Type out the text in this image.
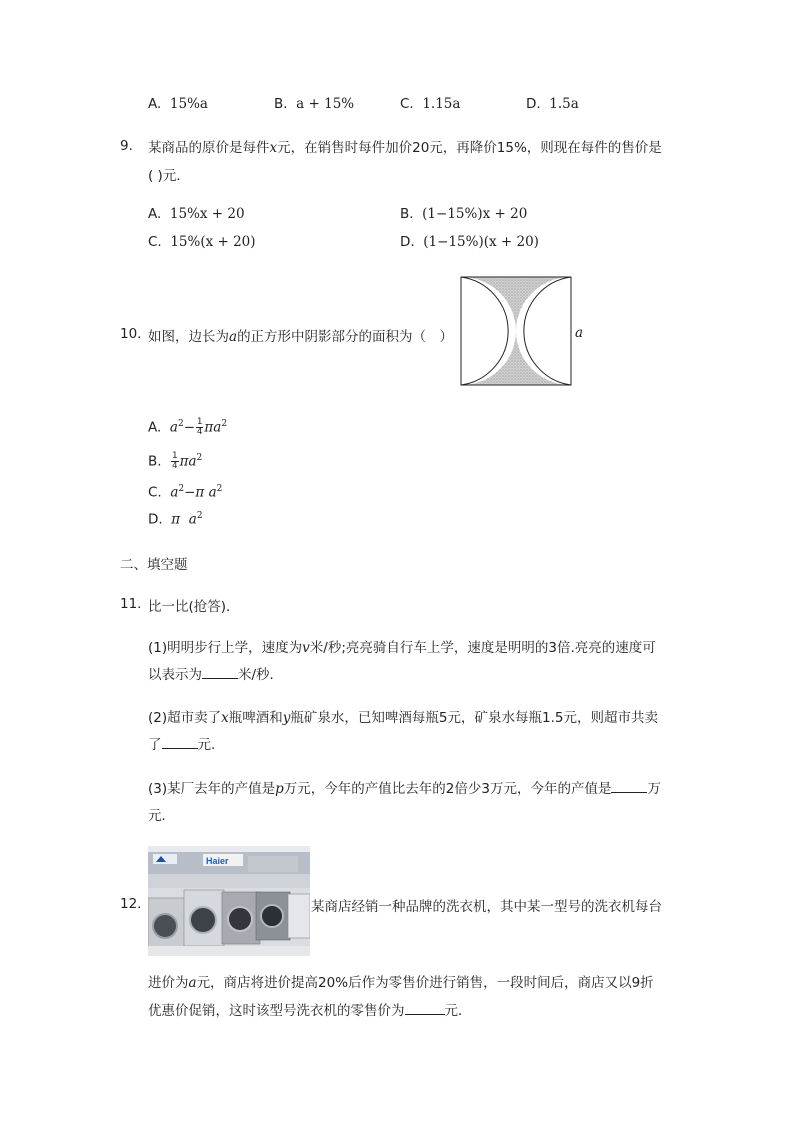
A. 15%a	B. a + 15%	C. 1.15a	D. 1.5a
9. 某商品的原价是每件x元，在销售时每件加价20元，再降价15%，则现在每件的售价是
( )元．
A. 15%x + 20	B. (1−15%)x + 20
C. 15%(x + 20)	D. (1−15%)(x + 20)
10. 如图，边长为a的正方形中阴影部分的面积为（　）	a
A. $a^2- \frac{1}{4} \pi a^2$
B. $\frac{1}{4} \pi a^2$
C. $a^2-\pi$ $a^2$
D. π $a^2$
二、填空题
11. 比一比(抢答)．
(1)明明步行上学，速度为v米/秒;亮亮骑自行车上学，速度是明明的3倍.亮亮的速度可
以表示为	米/秒．
(2)超市卖了x瓶啤酒和y瓶矿泉水，已知啤酒每瓶5元，矿泉水每瓶1.5元，则超市共卖
了	元.
(3)某厂去年的产值是p万元，今年的产值比去年的2倍少3万元，今年的产值是	万
元．
Haier
12.	某商店经销一种品牌的洗衣机，其中某一型号的洗衣机每台
进价为a元，商店将进价提高20%后作为零售价进行销售，一段时间后，商店又以9折
优惠价促销，这时该型号洗衣机的零售价为	元．
